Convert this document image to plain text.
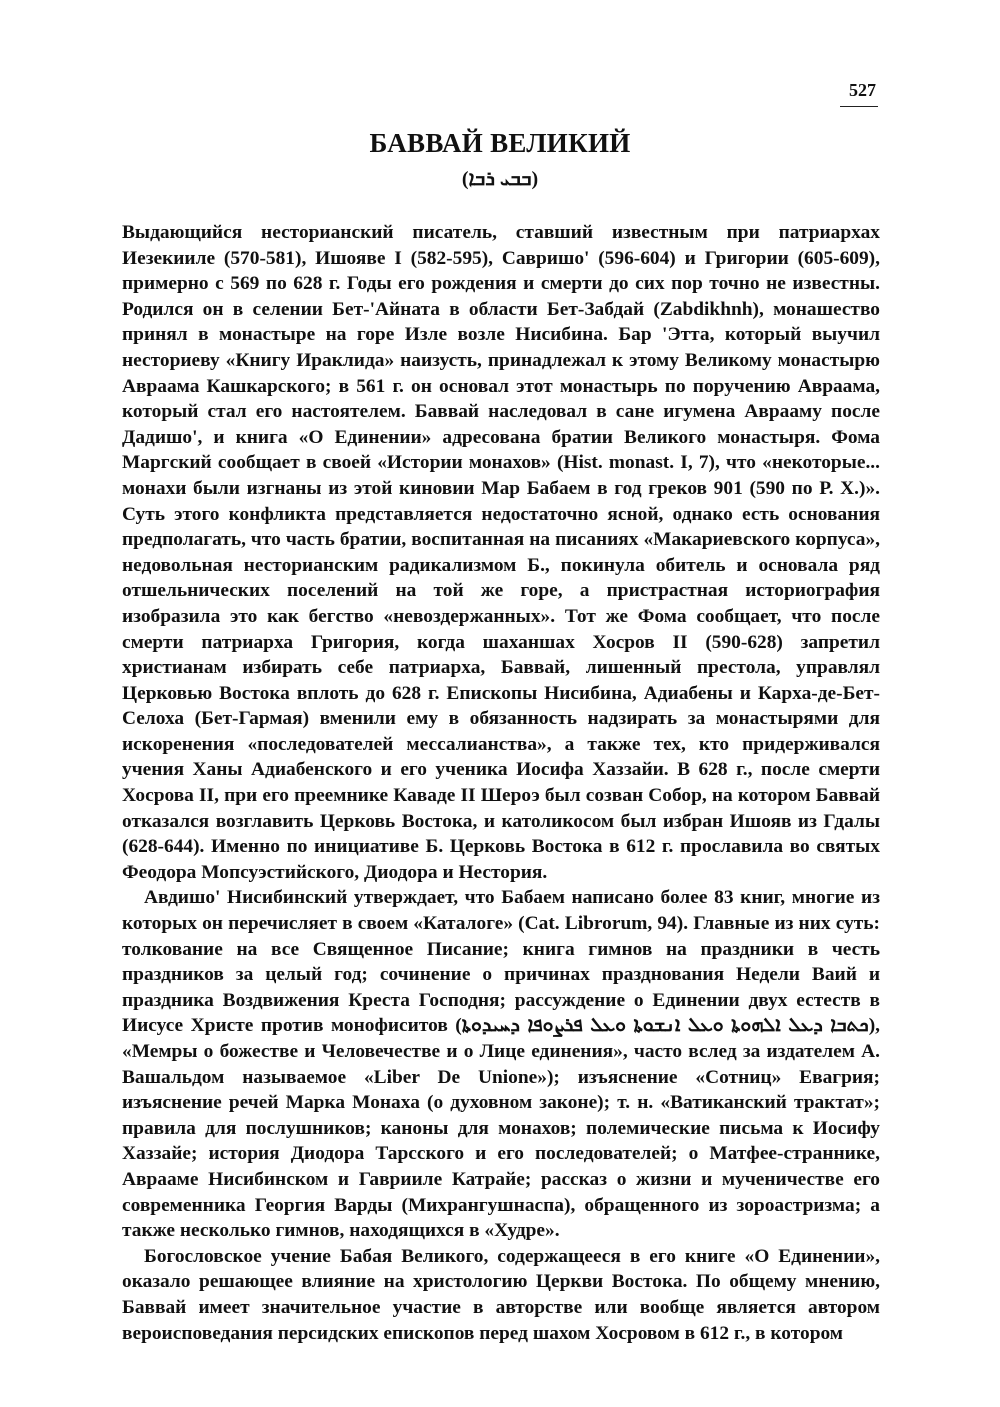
527
БАВВАЙ ВЕЛИКИЙ
(ܒܒܝ ܪܒܐ)

Выдающийся несторианский писатель, ставший известным при патриархах Иезекииле (570-581), Ишояве I (582-595), Савришо' (596-604) и Григории (605-609), примерно с 569 по 628 г. Годы его рождения и смерти до сих пор точно не известны. Родился он в селении Бет-'Айната в области Бет-Забдай (Zabdikhnh), монашество принял в монастыре на горе Изле возле Нисибина. Бар 'Этта, который выучил несториеву «Книгу Ираклида» наизусть, принадлежал к этому Великому монастырю Авраама Кашкарского; в 561 г. он основал этот монастырь по поручению Авраама, который стал его настоятелем. Баввай наследовал в сане игумена Аврааму после Дадишо', и книга «О Единении» адресована братии Великого монастыря. Фома Маргский сообщает в своей «Истории монахов» (Hist. monast. I, 7), что «некоторые... монахи были изгнаны из этой киновии Мар Бабаем в год греков 901 (590 по Р. Х.)». Суть этого конфликта представляется недостаточно ясной, однако есть основания предполагать, что часть братии, воспитанная на писаниях «Макариевского корпуса», недовольная несторианским радикализмом Б., покинула обитель и основала ряд отшельнических поселений на той же горе, а пристрастная историография изобразила это как бегство «невоздержанных». Тот же Фома сообщает, что после смерти патриарха Григория, когда шаханшах Хосров II (590-628) запретил христианам избирать себе патриарха, Баввай, лишенный престола, управлял Церковью Востока вплоть до 628 г. Епископы Нисибина, Адиабены и Карха-де-Бет-Селоха (Бет-Гармая) вменили ему в обязанность надзирать за монастырями для искоренения «последователей мессалианства», а также тех, кто придерживался учения Ханы Адиабенского и его ученика Иосифа Хаззайи. В 628 г., после смерти Хосрова II, при его преемнике Каваде II Шероэ был созван Собор, на котором Баввай отказался возглавить Церковь Востока, и католикосом был избран Ишояв из Гдалы (628-644). Именно по инициативе Б. Церковь Востока в 612 г. прославила во святых Феодора Мопсуэстийского, Диодора и Нестория.

Авдишо' Нисибинский утверждает, что Бабаем написано более 83 книг, многие из которых он перечисляет в своем «Каталоге» (Cat. Librorum, 94). Главные из них суть: толкование на все Священное Писание; книга гимнов на праздники в честь праздников за целый год; сочинение о причинах празднования Недели Ваий и праздника Воздвижения Креста Господня; рассуждение о Единении двух естеств в Иисусе Христе против монофиситов (ܟܬܒܐ ܕܥܠ ܐܠܗܘܬܐ ܘܥܠ ܐܢܫܘܬܐ ܘܥܠ ܦܪܨܘܦܐ ܕܚܝܕܘܬܐ), «Мемры о божестве и Человечестве и о Лице единения», часто вслед за издателем А. Вашальдом называемое «Liber De Unione»); изъяснение «Сотниц» Евагрия; изъяснение речей Марка Монаха (о духовном законе); т. н. «Ватиканский трактат»; правила для послушников; каноны для монахов; полемические письма к Иосифу Хаззайе; история Диодора Тарсского и его последователей; о Матфее-страннике, Аврааме Нисибинском и Гаврииле Катрайе; рассказ о жизни и мученичестве его современника Георгия Варды (Михрангушнаспа), обращенного из зороастризма; а также несколько гимнов, находящихся в «Худре».

Богословское учение Бабая Великого, содержащееся в его книге «О Единении», оказало решающее влияние на христологию Церкви Востока. По общему мнению, Баввай имеет значительное участие в авторстве или вообще является автором вероисповедания персидских епископов перед шахом Хосровом в 612 г., в котором
